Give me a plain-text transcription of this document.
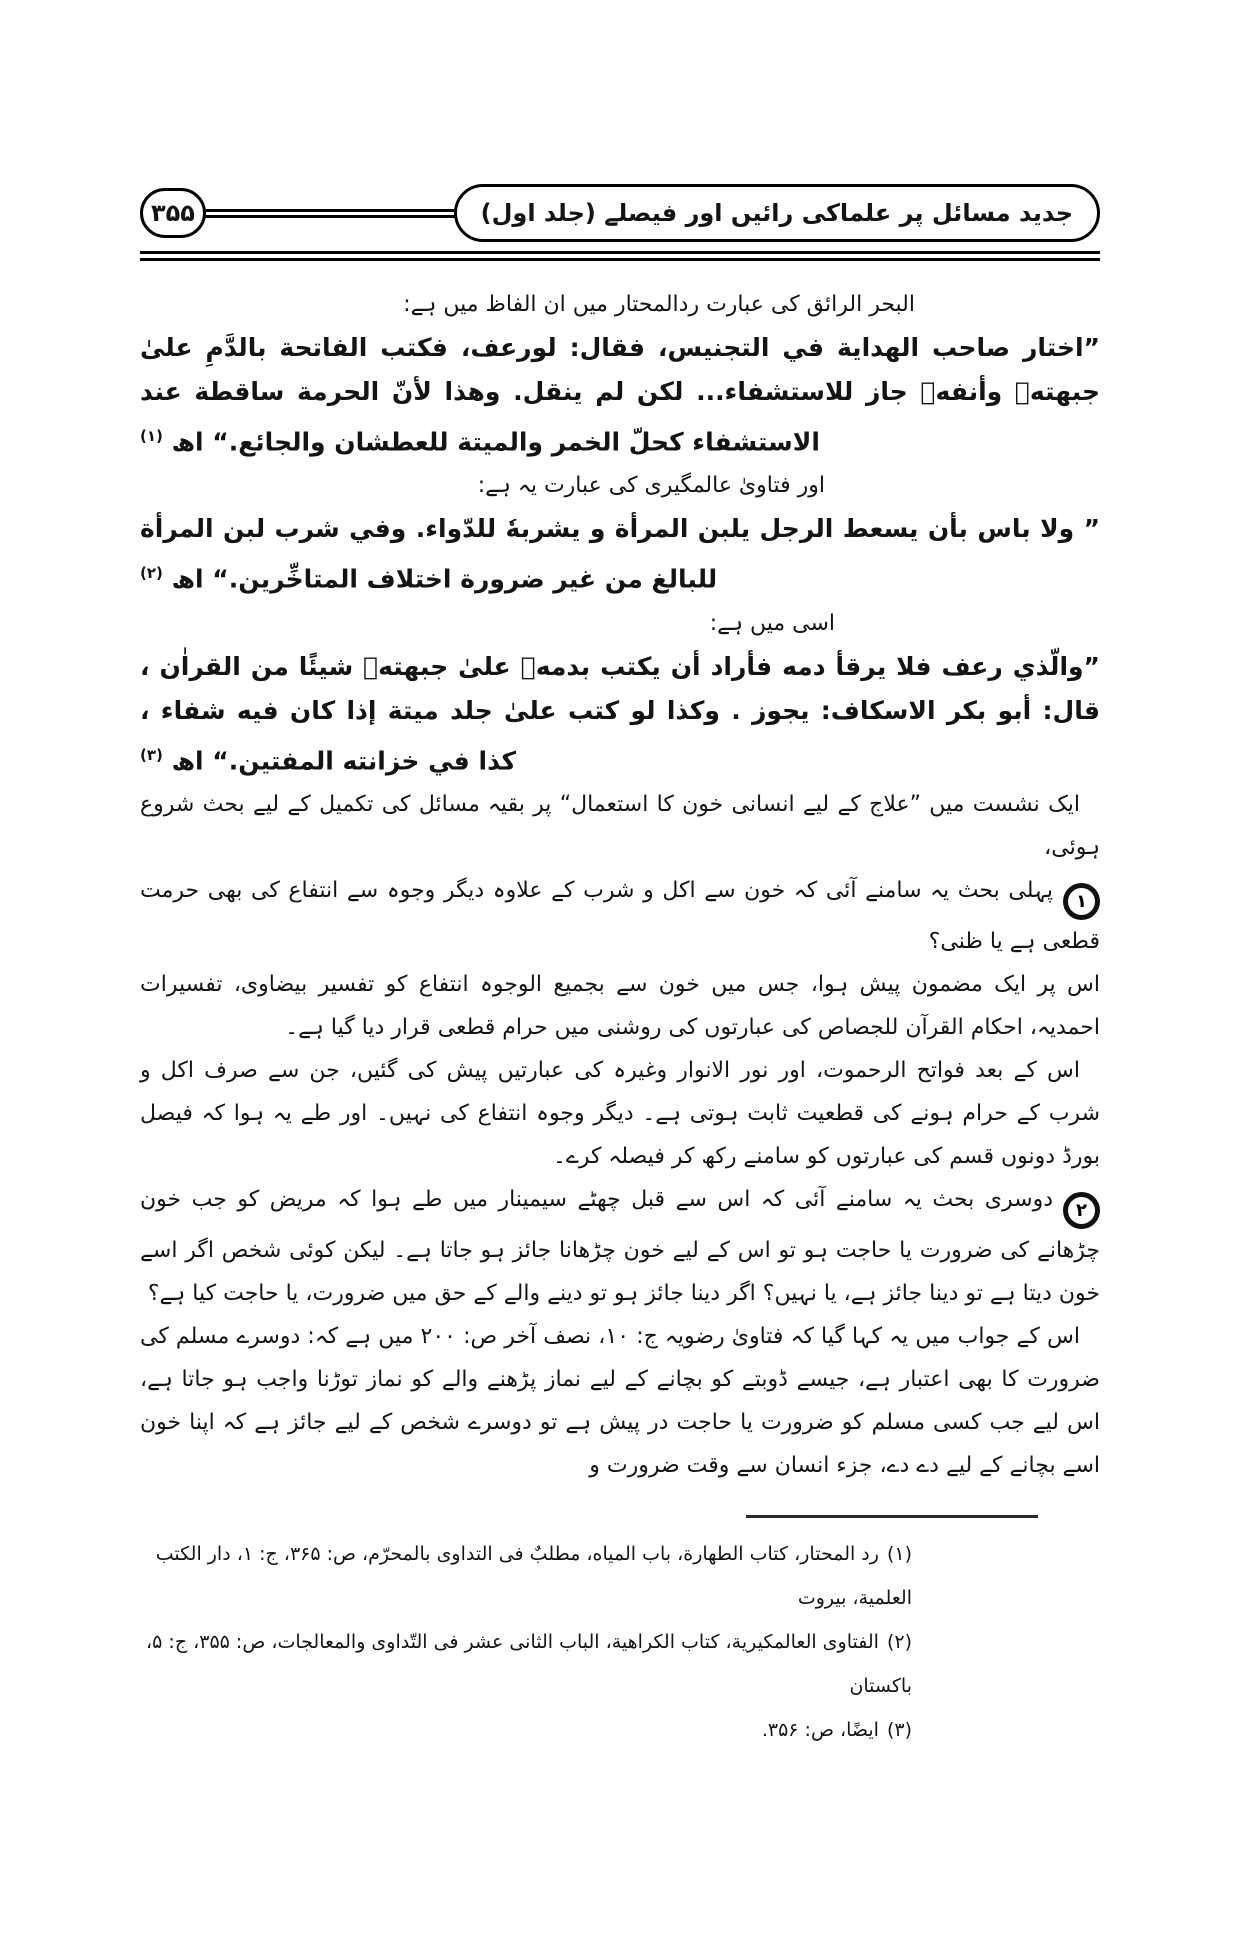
۳۵۵	جدید مسائل پر علماکی رائیں اور فیصلے (جلد اول)

البحر الرائق کی عبارت ردالمحتار میں ان الفاظ میں ہے:

”اختار صاحب الهداية في التجنيس، فقال: لورعف، فكتب الفاتحة بالدَّمِ علىٰ جبهتهٖ وأنفهٖ جاز للاستشفاء... لكن لم ينقل. وهذا لأنّ الحرمة ساقطة عند الاستشفاء كحلّ الخمر والميتة للعطشان والجائع.“ اھ $^{(۱)}$

اور فتاویٰ عالمگیری کی عبارت یہ ہے:

” ولا باس بأن يسعط الرجل يلبن المرأة و يشربهٗ للدّواء. وفي شرب لبن المرأة للبالغ من غير ضرورة اختلاف المتاخِّرين.“ اھ $^{(۲)}$

اسی میں ہے:

”والّذي رعف فلا يرقأ دمه فأراد أن يكتب بدمهٖ علىٰ جبهتهٖ شيئًا من القراٰن ، قال: أبو بكر الاسكاف: يجوز . وكذا لو كتب علىٰ جلد ميتة إذا كان فيه شفاء ، كذا في خزانته المفتين.“ اھ $^{(۳)}$

ایک نشست میں ”علاج کے لیے انسانی خون کا استعمال“ پر بقیہ مسائل کی تکمیل کے لیے بحث شروع ہوئی،

۱پہلی بحث یہ سامنے آئی کہ خون سے اکل و شرب کے علاوہ دیگر وجوہ سے انتفاع کی بھی حرمت قطعی ہے یا ظنی؟

اس پر ایک مضمون پیش ہوا، جس میں خون سے بجمیع الوجوہ انتفاع کو تفسیر بیضاوی، تفسیرات احمدیہ، احکام القرآن للجصاص کی عبارتوں کی روشنی میں حرام قطعی قرار دیا گیا ہے۔

اس کے بعد فواتح الرحموت، اور نور الانوار وغیرہ کی عبارتیں پیش کی گئیں، جن سے صرف اکل و شرب کے حرام ہونے کی قطعیت ثابت ہوتی ہے۔ دیگر وجوہ انتفاع کی نہیں۔ اور طے یہ ہوا کہ فیصل بورڈ دونوں قسم کی عبارتوں کو سامنے رکھ کر فیصلہ کرے۔

۲دوسری بحث یہ سامنے آئی کہ اس سے قبل چھٹے سیمینار میں طے ہوا کہ مریض کو جب خون چڑھانے کی ضرورت یا حاجت ہو تو اس کے لیے خون چڑھانا جائز ہو جاتا ہے۔ لیکن کوئی شخص اگر اسے خون دیتا ہے تو دینا جائز ہے، یا نہیں؟ اگر دینا جائز ہو تو دینے والے کے حق میں ضرورت، یا حاجت کیا ہے؟

اس کے جواب میں یہ کہا گیا کہ فتاویٰ رضویہ ج: ۱۰، نصف آخر ص: ۲۰۰ میں ہے کہ: دوسرے مسلم کی ضرورت کا بھی اعتبار ہے، جیسے ڈوبتے کو بچانے کے لیے نماز پڑھنے والے کو نماز توڑنا واجب ہو جاتا ہے، اس لیے جب کسی مسلم کو ضرورت یا حاجت در پیش ہے تو دوسرے شخص کے لیے جائز ہے کہ اپنا خون اسے بچانے کے لیے دے دے، جزء انسان سے وقت ضرورت و

(۱)رد المحتار، کتاب الطهارة، باب المیاه، مطلبٌ فی التداوی بالمحرّم، ص: ۳۶۵، ج: ۱، دار الکتب العلمیة، بیروت

(۲)الفتاوی العالمکیریة، کتاب الکراهیة، الباب الثانی عشر فی التّداوی والمعالجات، ص: ۳۵۵، ج: ۵، باکستان

(۳)ایضًا، ص: ۳۵۶.
